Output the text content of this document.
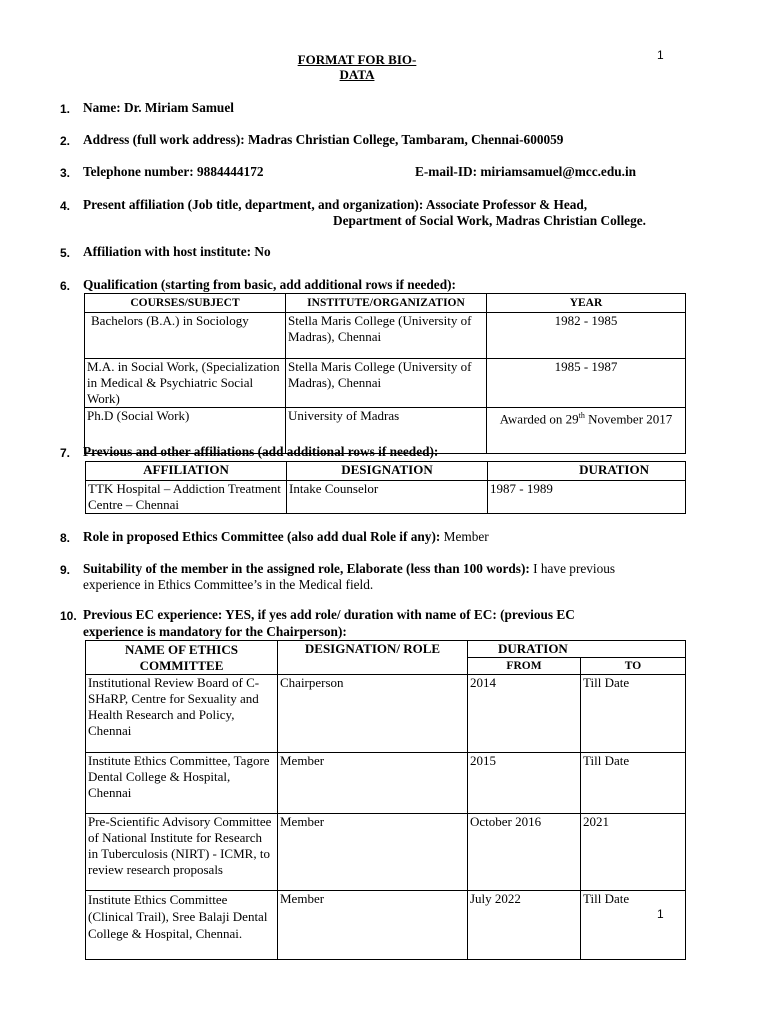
FORMAT FOR BIO-
DATA
1
1. Name: Dr. Miriam Samuel
2. Address (full work address): Madras Christian College, Tambaram, Chennai-600059
3. Telephone number: 9884444172	E-mail-ID: miriamsamuel@mcc.edu.in
4. Present affiliation (Job title, department, and organization): Associate Professor & Head,
Department of Social Work, Madras Christian College.
5. Affiliation with host institute: No
6. Qualification (starting from basic, add additional rows if needed):
COURSES/SUBJECT	INSTITUTE/ORGANIZATION	YEAR
Bachelors (B.A.) in Sociology	Stella Maris College (University of Madras), Chennai	1982 - 1985
M.A. in Social Work, (Specialization in Medical & Psychiatric Social Work)	Stella Maris College (University of Madras), Chennai	1985 - 1987
Ph.D (Social Work)	University of Madras	Awarded on 29th November 2017
7. Previous and other affiliations (add additional rows if needed):
AFFILIATION	DESIGNATION	DURATION
TTK Hospital – Addiction Treatment Centre – Chennai	Intake Counselor	1987 - 1989
8. Role in proposed Ethics Committee (also add dual Role if any): Member
9. Suitability of the member in the assigned role, Elaborate (less than 100 words): I have previous
experience in Ethics Committee’s in the Medical field.
10. Previous EC experience: YES, if yes add role/ duration with name of EC: (previous EC
experience is mandatory for the Chairperson):
NAME OF ETHICS COMMITTEE	DESIGNATION/ ROLE	DURATION	
		FROM	TO
Institutional Review Board of C-SHaRP, Centre for Sexuality and Health Research and Policy, Chennai	Chairperson	2014	Till Date
Institute Ethics Committee, Tagore Dental College & Hospital, Chennai	Member	2015	Till Date
Pre-Scientific Advisory Committee of National Institute for Research in Tuberculosis (NIRT) - ICMR, to review research proposals	Member	October 2016	2021
Institute Ethics Committee (Clinical Trail), Sree Balaji Dental College & Hospital, Chennai.	Member	July 2022	Till Date
1
